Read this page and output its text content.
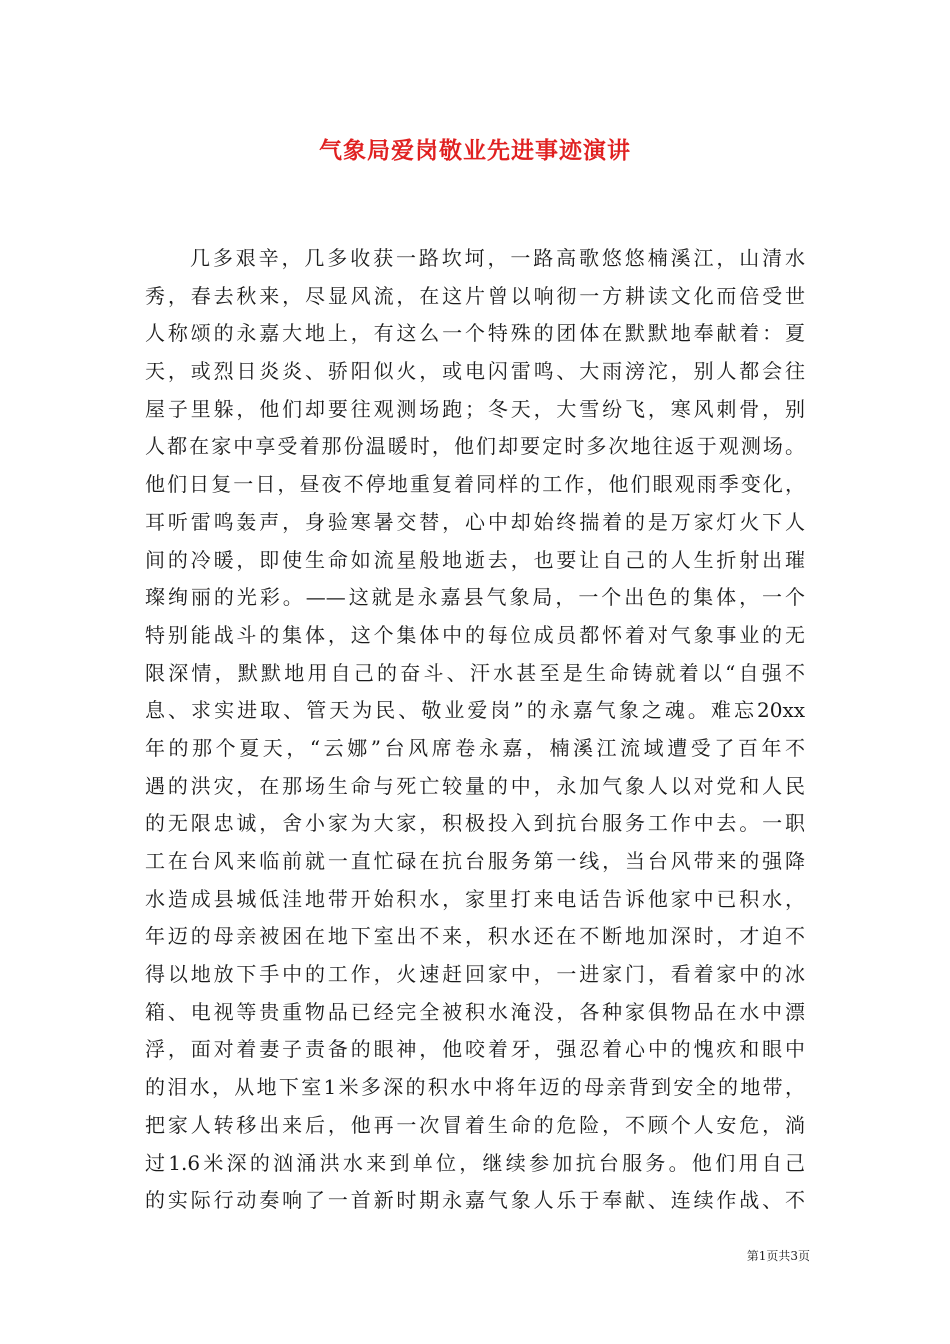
气象局爱岗敬业先进事迹演讲
几多艰辛，几多收获一路坎坷，一路高歌悠悠楠溪江，山清水
秀，春去秋来，尽显风流，在这片曾以响彻一方耕读文化而倍受世
人称颂的永嘉大地上，有这么一个特殊的团体在默默地奉献着：夏
天，或烈日炎炎、骄阳似火，或电闪雷鸣、大雨滂沱，别人都会往
屋子里躲，他们却要往观测场跑；冬天，大雪纷飞，寒风刺骨，别
人都在家中享受着那份温暖时，他们却要定时多次地往返于观测场。
他们日复一日，昼夜不停地重复着同样的工作，他们眼观雨季变化，
耳听雷鸣轰声，身验寒暑交替，心中却始终揣着的是万家灯火下人
间的冷暖，即使生命如流星般地逝去，也要让自己的人生折射出璀
璨绚丽的光彩。——这就是永嘉县气象局，一个出色的集体，一个
特别能战斗的集体，这个集体中的每位成员都怀着对气象事业的无
限深情，默默地用自己的奋斗、汗水甚至是生命铸就着以“自强不
息、求实进取、管天为民、敬业爱岗”的永嘉气象之魂。难忘20xx
年的那个夏天，“云娜”台风席卷永嘉，楠溪江流域遭受了百年不
遇的洪灾，在那场生命与死亡较量的中，永加气象人以对党和人民
的无限忠诚，舍小家为大家，积极投入到抗台服务工作中去。一职
工在台风来临前就一直忙碌在抗台服务第一线，当台风带来的强降
水造成县城低洼地带开始积水，家里打来电话告诉他家中已积水，
年迈的母亲被困在地下室出不来，积水还在不断地加深时，才迫不
得以地放下手中的工作，火速赶回家中，一进家门，看着家中的冰
箱、电视等贵重物品已经完全被积水淹没，各种家俱物品在水中漂
浮，面对着妻子责备的眼神，他咬着牙，强忍着心中的愧疚和眼中
的泪水，从地下室1米多深的积水中将年迈的母亲背到安全的地带，
把家人转移出来后，他再一次冒着生命的危险，不顾个人安危，淌
过1.6米深的汹涌洪水来到单位，继续参加抗台服务。他们用自己
的实际行动奏响了一首新时期永嘉气象人乐于奉献、连续作战、不
第1页共3页
